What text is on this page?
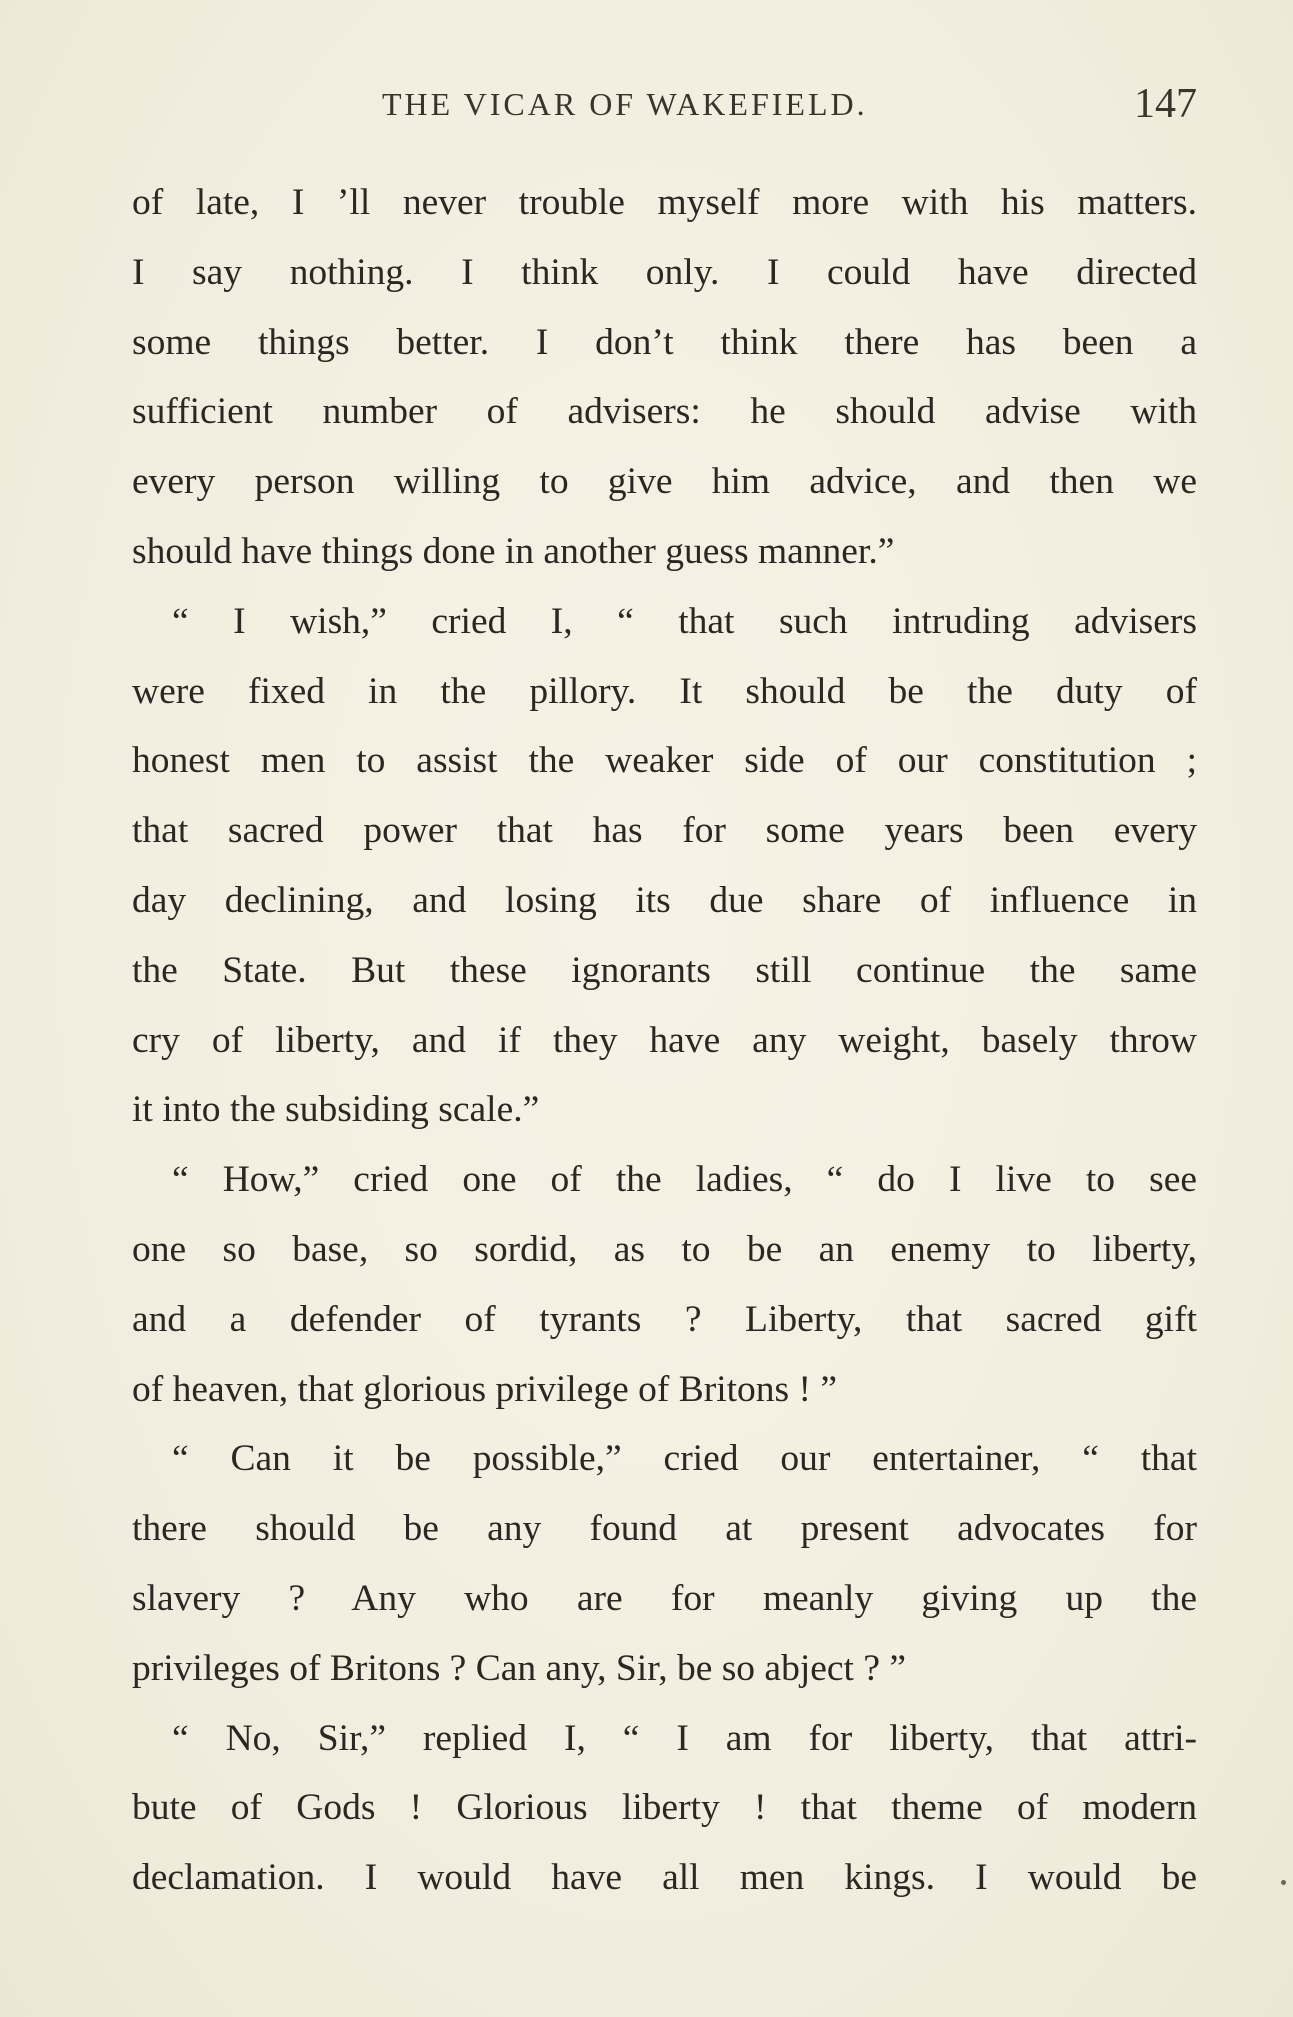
THE VICAR OF WAKEFIELD.	147
of late, I ’ll never trouble myself more with his matters.
I say nothing. I think only. I could have directed
some things better. I don’t think there has been a
sufficient number of advisers: he should advise with
every person willing to give him advice, and then we
should have things done in another guess manner.”
“ I wish,” cried I, “ that such intruding advisers
were fixed in the pillory. It should be the duty of
honest men to assist the weaker side of our constitution ;
that sacred power that has for some years been every
day declining, and losing its due share of influence in
the State. But these ignorants still continue the same
cry of liberty, and if they have any weight, basely throw
it into the subsiding scale.”
“ How,” cried one of the ladies, “ do I live to see
one so base, so sordid, as to be an enemy to liberty,
and a defender of tyrants ? Liberty, that sacred gift
of heaven, that glorious privilege of Britons ! ”
“ Can it be possible,” cried our entertainer, “ that
there should be any found at present advocates for
slavery ? Any who are for meanly giving up the
privileges of Britons ? Can any, Sir, be so abject ? ”
“ No, Sir,” replied I, “ I am for liberty, that attri-
bute of Gods ! Glorious liberty ! that theme of modern
declamation. I would have all men kings. I would be
